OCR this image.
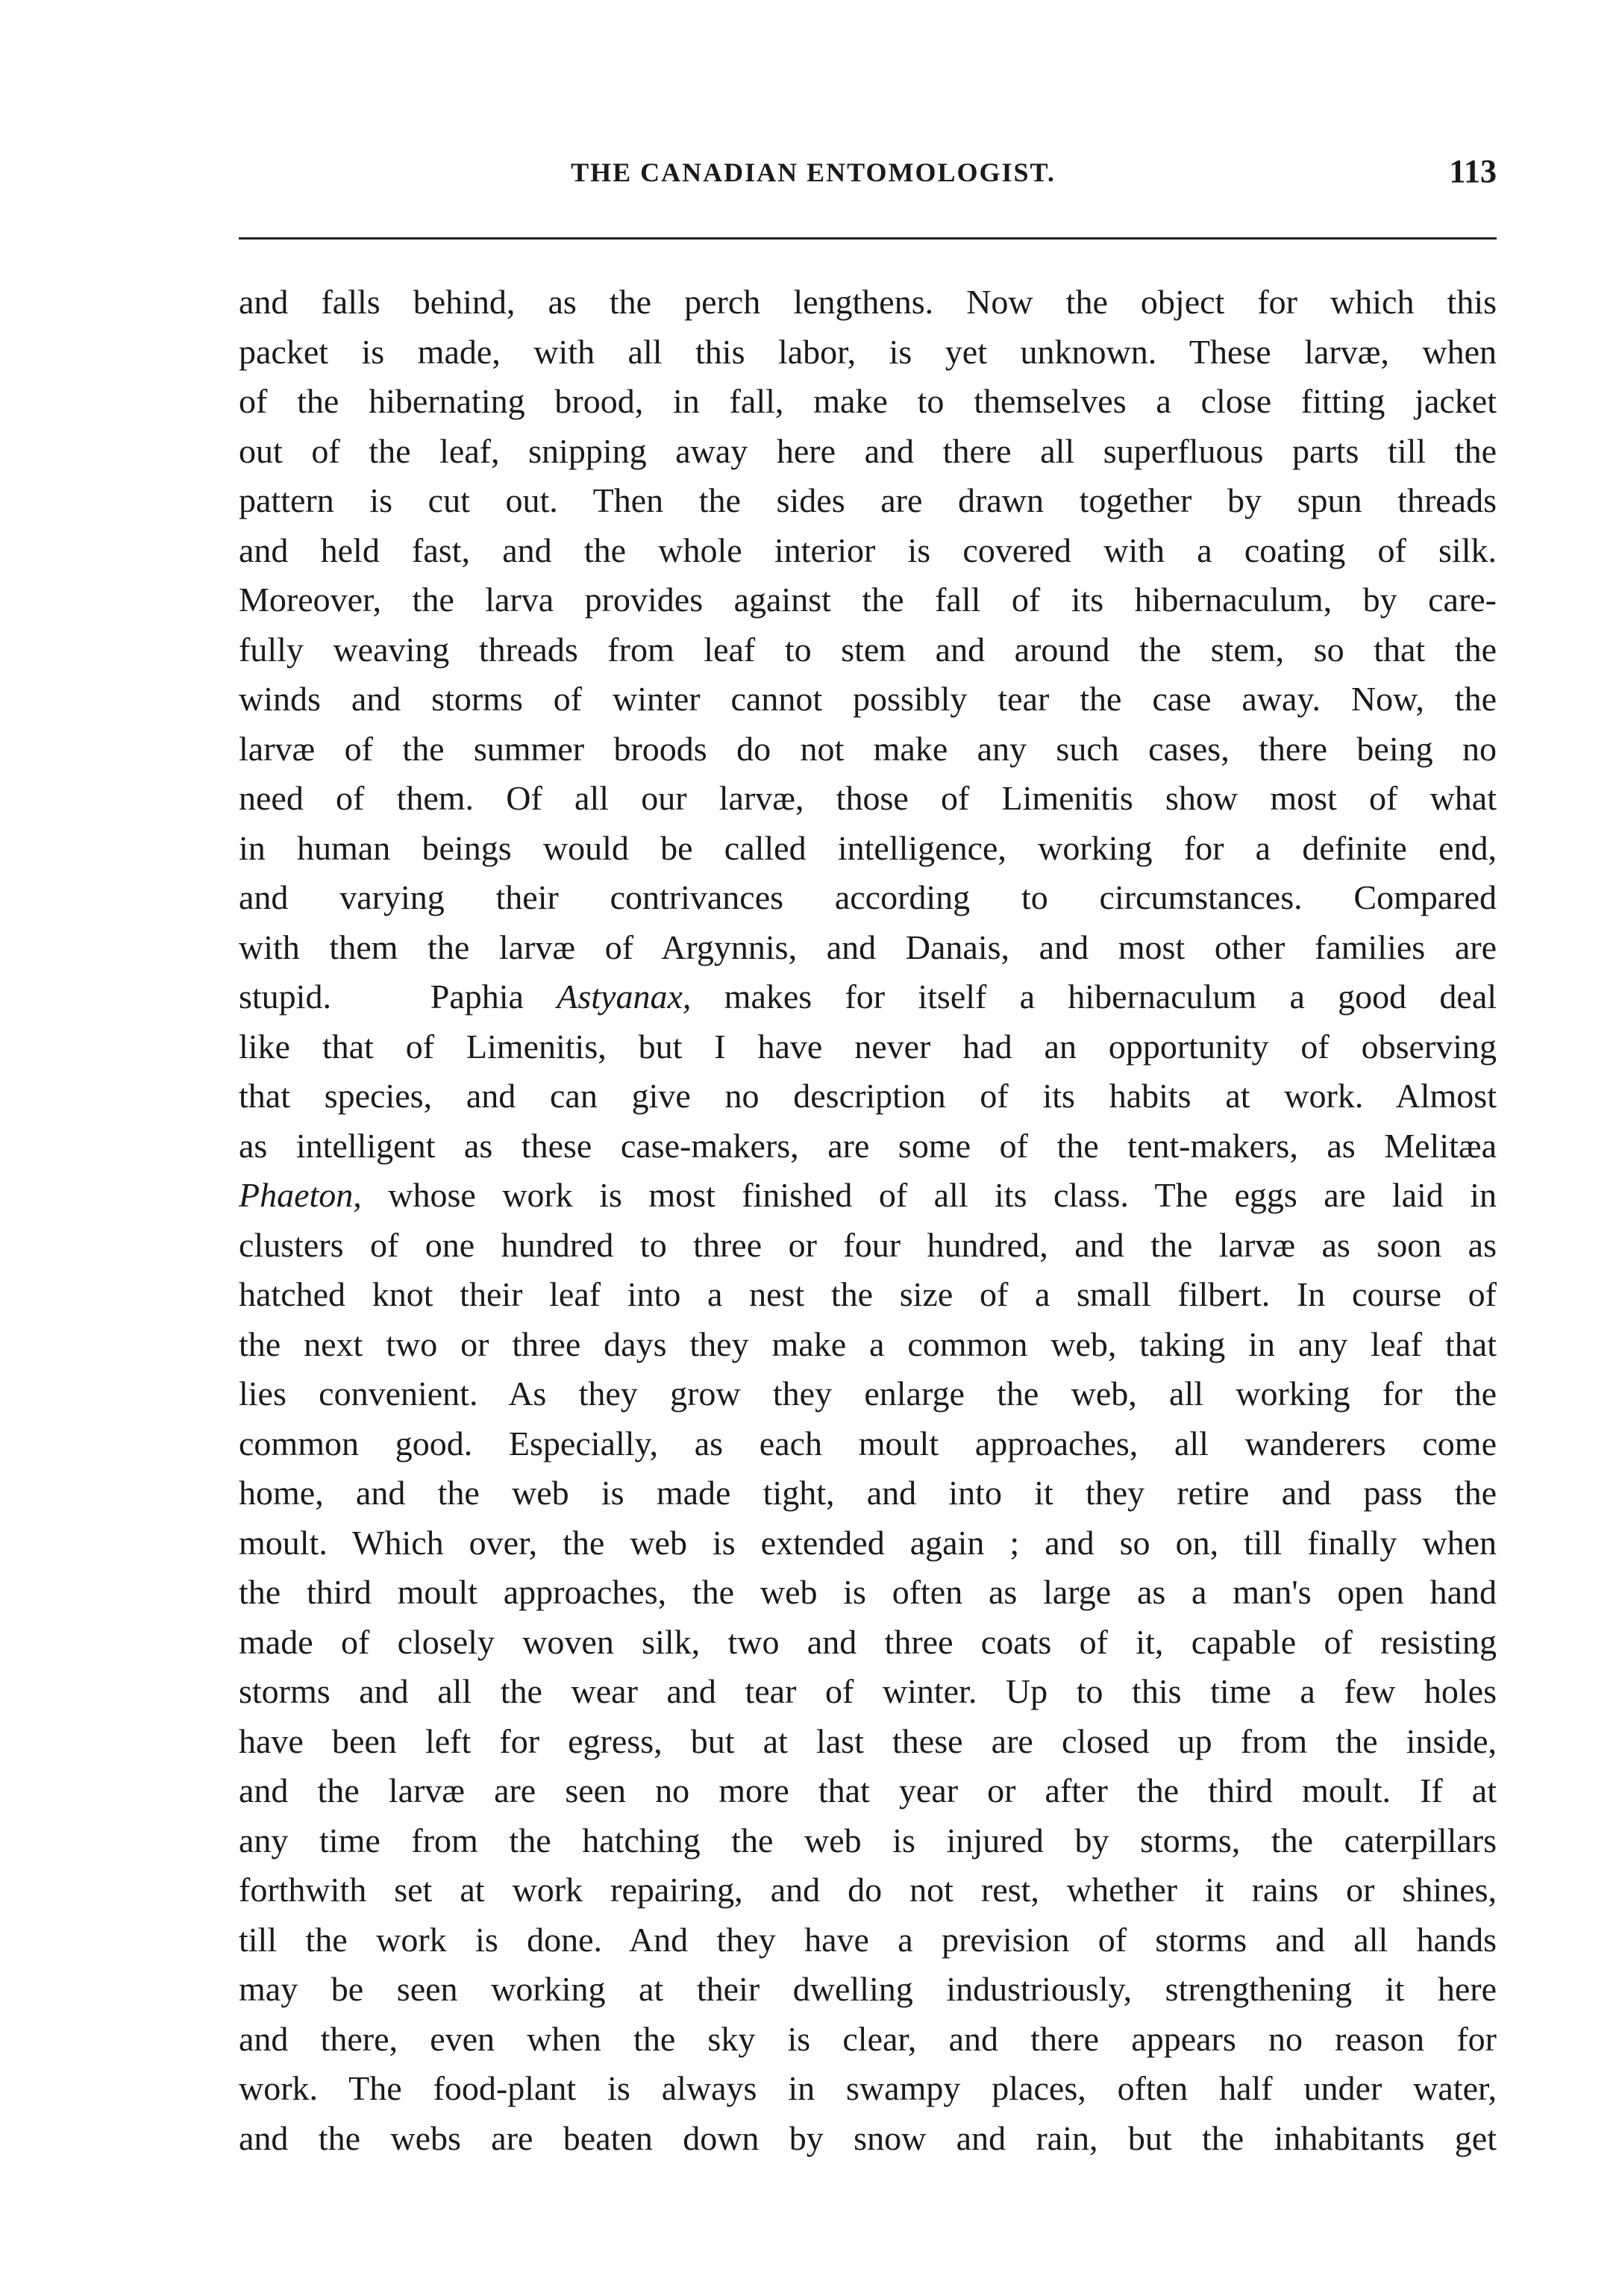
THE CANADIAN ENTOMOLOGIST.	113
and falls behind, as the perch lengthens. Now the object for which this
packet is made, with all this labor, is yet unknown. These larvæ, when
of the hibernating brood, in fall, make to themselves a close fitting jacket
out of the leaf, snipping away here and there all superfluous parts till the
pattern is cut out. Then the sides are drawn together by spun threads
and held fast, and the whole interior is covered with a coating of silk.
Moreover, the larva provides against the fall of its hibernaculum, by care-
fully weaving threads from leaf to stem and around the stem, so that the
winds and storms of winter cannot possibly tear the case away. Now, the
larvæ of the summer broods do not make any such cases, there being no
need of them. Of all our larvæ, those of Limenitis show most of what
in human beings would be called intelligence, working for a definite end,
and varying their contrivances according to circumstances. Compared
with them the larvæ of Argynnis, and Danais, and most other families are
stupid.	Paphia Astyanax, makes for itself a hibernaculum a good deal
like that of Limenitis, but I have never had an opportunity of observing
that species, and can give no description of its habits at work. Almost
as intelligent as these case-makers, are some of the tent-makers, as Melitæa
Phaeton, whose work is most finished of all its class. The eggs are laid in
clusters of one hundred to three or four hundred, and the larvæ as soon as
hatched knot their leaf into a nest the size of a small filbert. In course of
the next two or three days they make a common web, taking in any leaf that
lies convenient. As they grow they enlarge the web, all working for the
common good. Especially, as each moult approaches, all wanderers come
home, and the web is made tight, and into it they retire and pass the
moult. Which over, the web is extended again ; and so on, till finally when
the third moult approaches, the web is often as large as a man's open hand
made of closely woven silk, two and three coats of it, capable of resisting
storms and all the wear and tear of winter. Up to this time a few holes
have been left for egress, but at last these are closed up from the inside,
and the larvæ are seen no more that year or after the third moult. If at
any time from the hatching the web is injured by storms, the caterpillars
forthwith set at work repairing, and do not rest, whether it rains or shines,
till the work is done. And they have a prevision of storms and all hands
may be seen working at their dwelling industriously, strengthening it here
and there, even when the sky is clear, and there appears no reason for
work. The food-plant is always in swampy places, often half under water,
and the webs are beaten down by snow and rain, but the inhabitants get
